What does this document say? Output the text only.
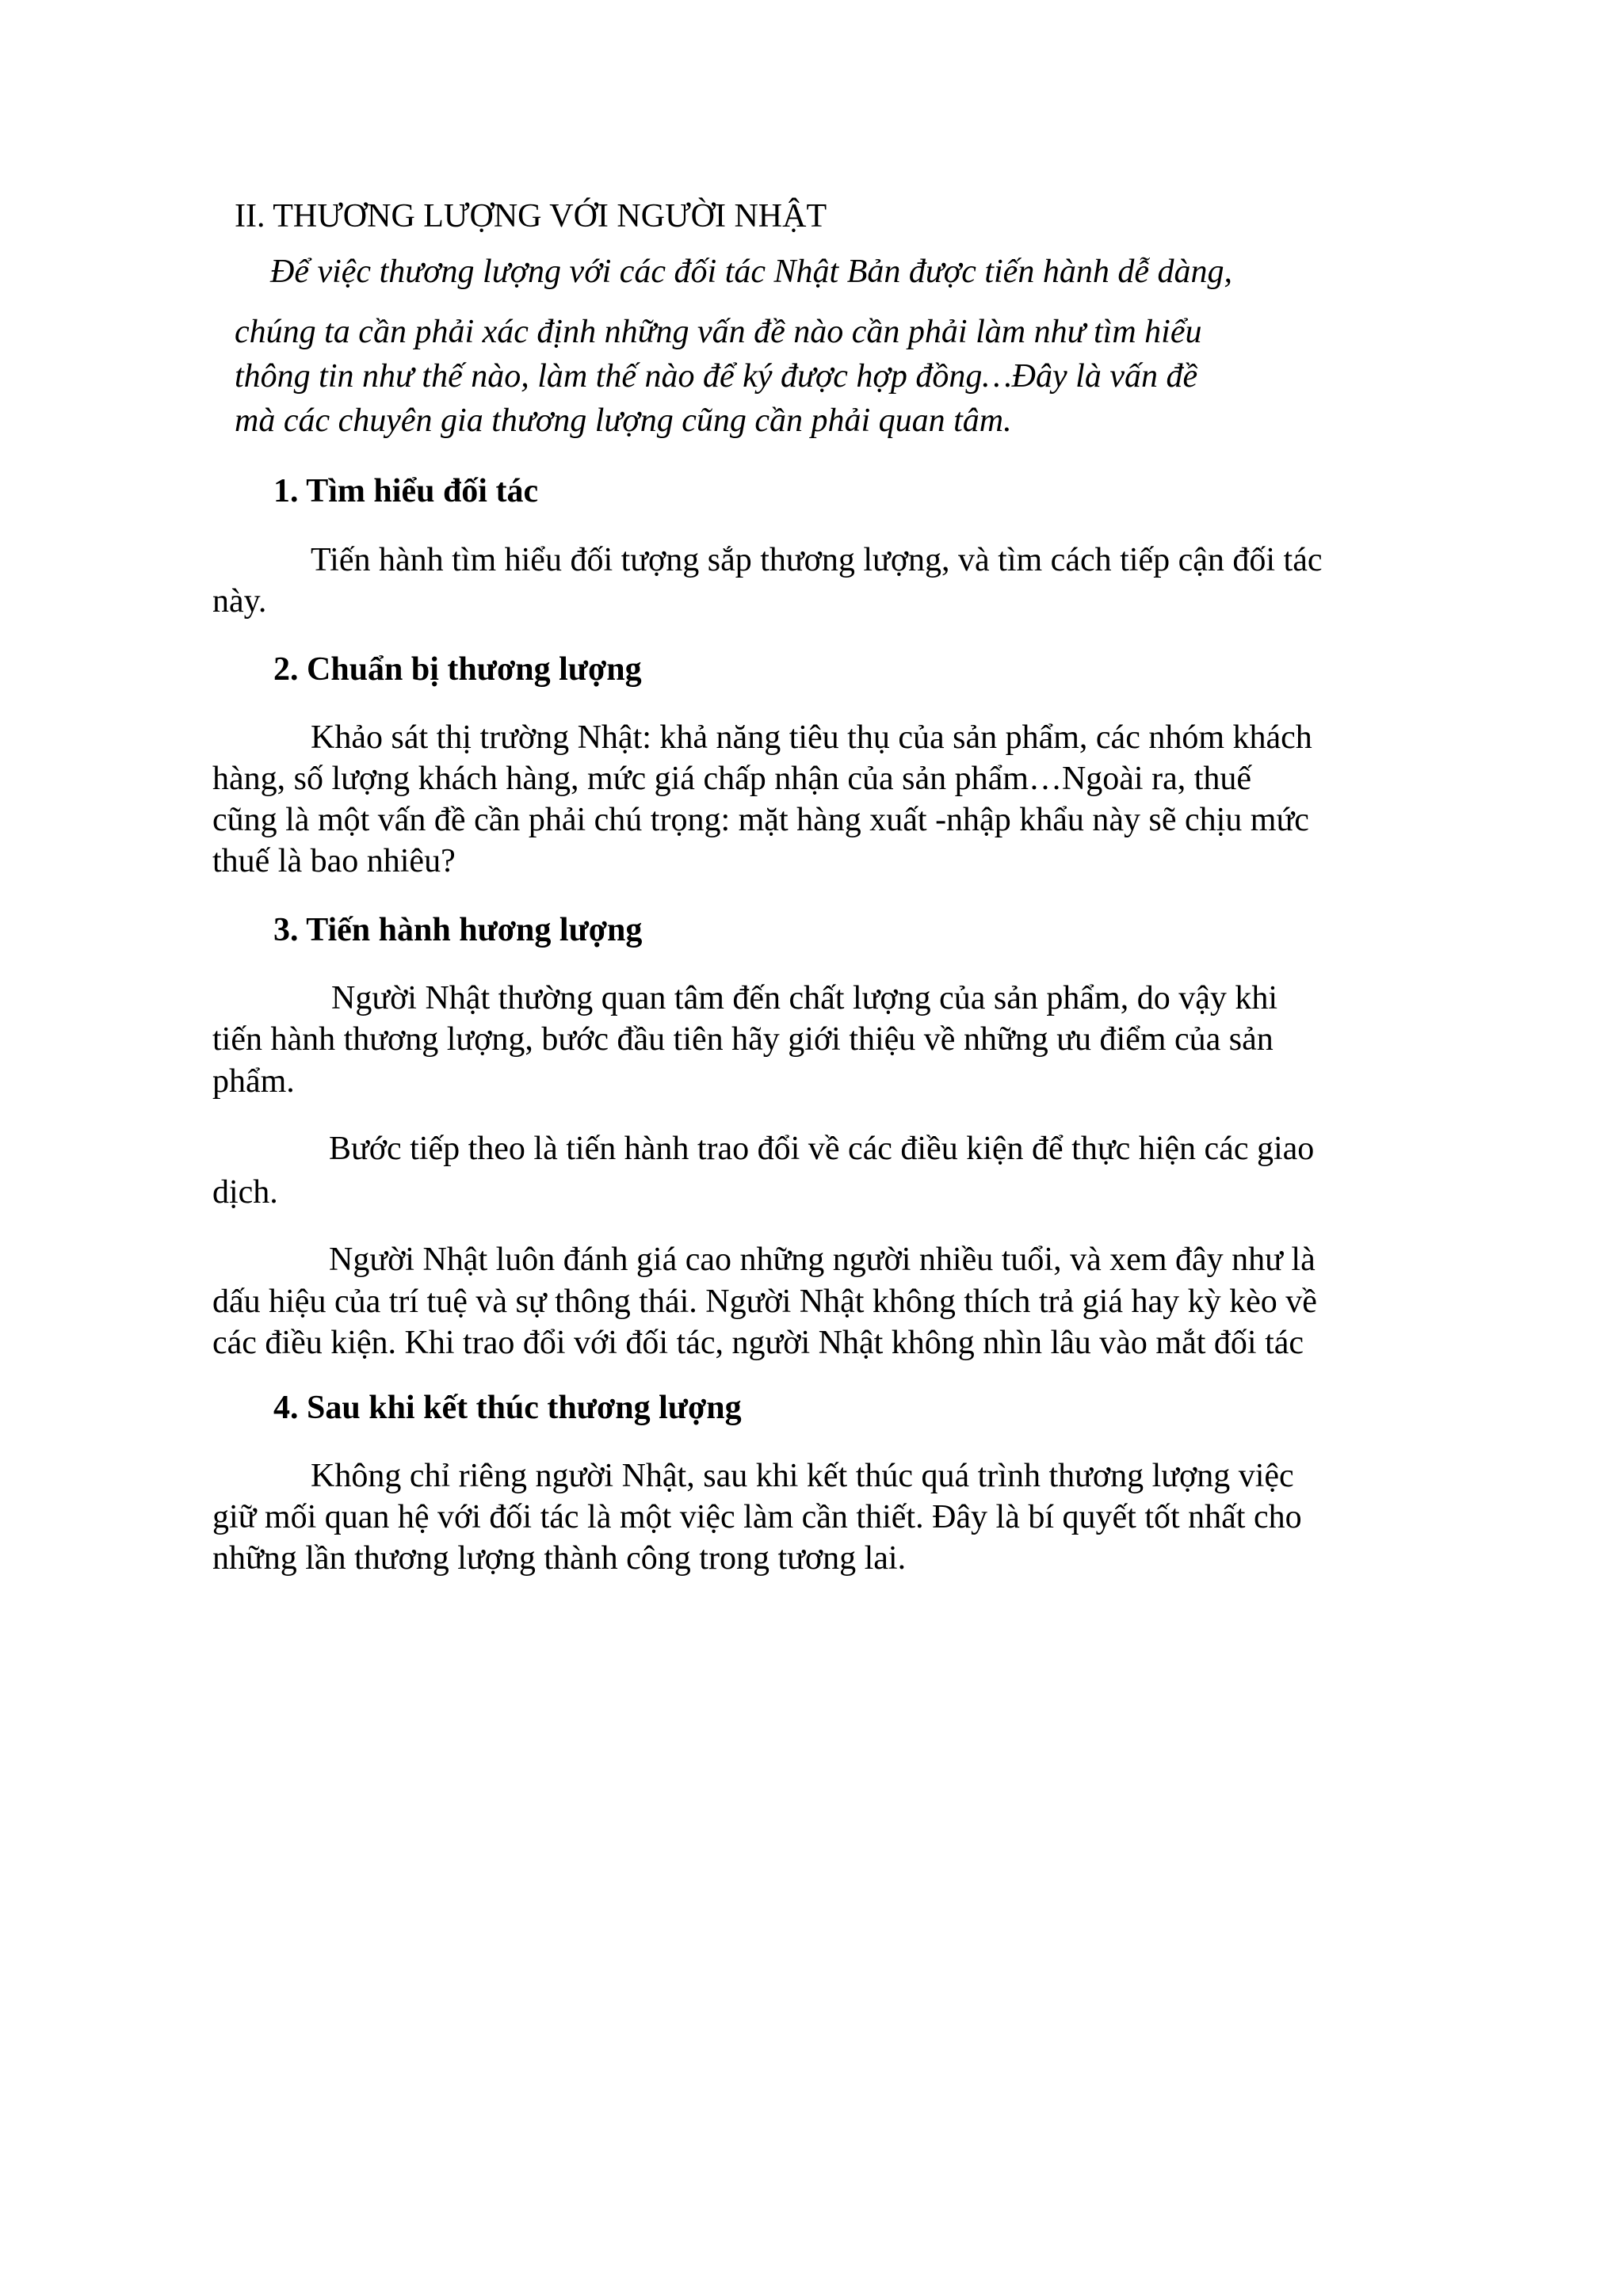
II. THƯƠNG LƯỢNG VỚI NGƯỜI NHẬT
Để việc thương lượng với các đối tác Nhật Bản được tiến hành dễ dàng,
chúng ta cần phải xác định những vấn đề nào cần phải làm như tìm hiểu
thông tin như thế nào, làm thế nào để ký được hợp đồng…Đây là vấn đề
mà các chuyên gia thương lượng cũng cần phải quan tâm.
1. Tìm hiểu đối tác
Tiến hành tìm hiểu đối tượng sắp thương lượng, và tìm cách tiếp cận đối tác
này.
2. Chuẩn bị thương lượng
Khảo sát thị trường Nhật: khả năng tiêu thụ của sản phẩm, các nhóm khách
hàng, số lượng khách hàng, mức giá chấp nhận của sản phẩm…Ngoài ra, thuế
cũng là một vấn đề cần phải chú trọng: mặt hàng xuất -nhập khẩu này sẽ chịu mức
thuế là bao nhiêu?
3. Tiến hành hương lượng
Người Nhật thường quan tâm đến chất lượng của sản phẩm, do vậy khi
tiến hành thương lượng, bước đầu tiên hãy giới thiệu về những ưu điểm của sản
phẩm.
Bước tiếp theo là tiến hành trao đổi về các điều kiện để thực hiện các giao
dịch.
Người Nhật luôn đánh giá cao những người nhiều tuổi, và xem đây như là
dấu hiệu của trí tuệ và sự thông thái. Người Nhật không thích trả giá hay kỳ kèo về
các điều kiện. Khi trao đổi với đối tác, người Nhật không nhìn lâu vào mắt đối tác
4. Sau khi kết thúc thương lượng
Không chỉ riêng người Nhật, sau khi kết thúc quá trình thương lượng việc
giữ mối quan hệ với đối tác là một việc làm cần thiết. Đây là bí quyết tốt nhất cho
những lần thương lượng thành công trong tương lai.
